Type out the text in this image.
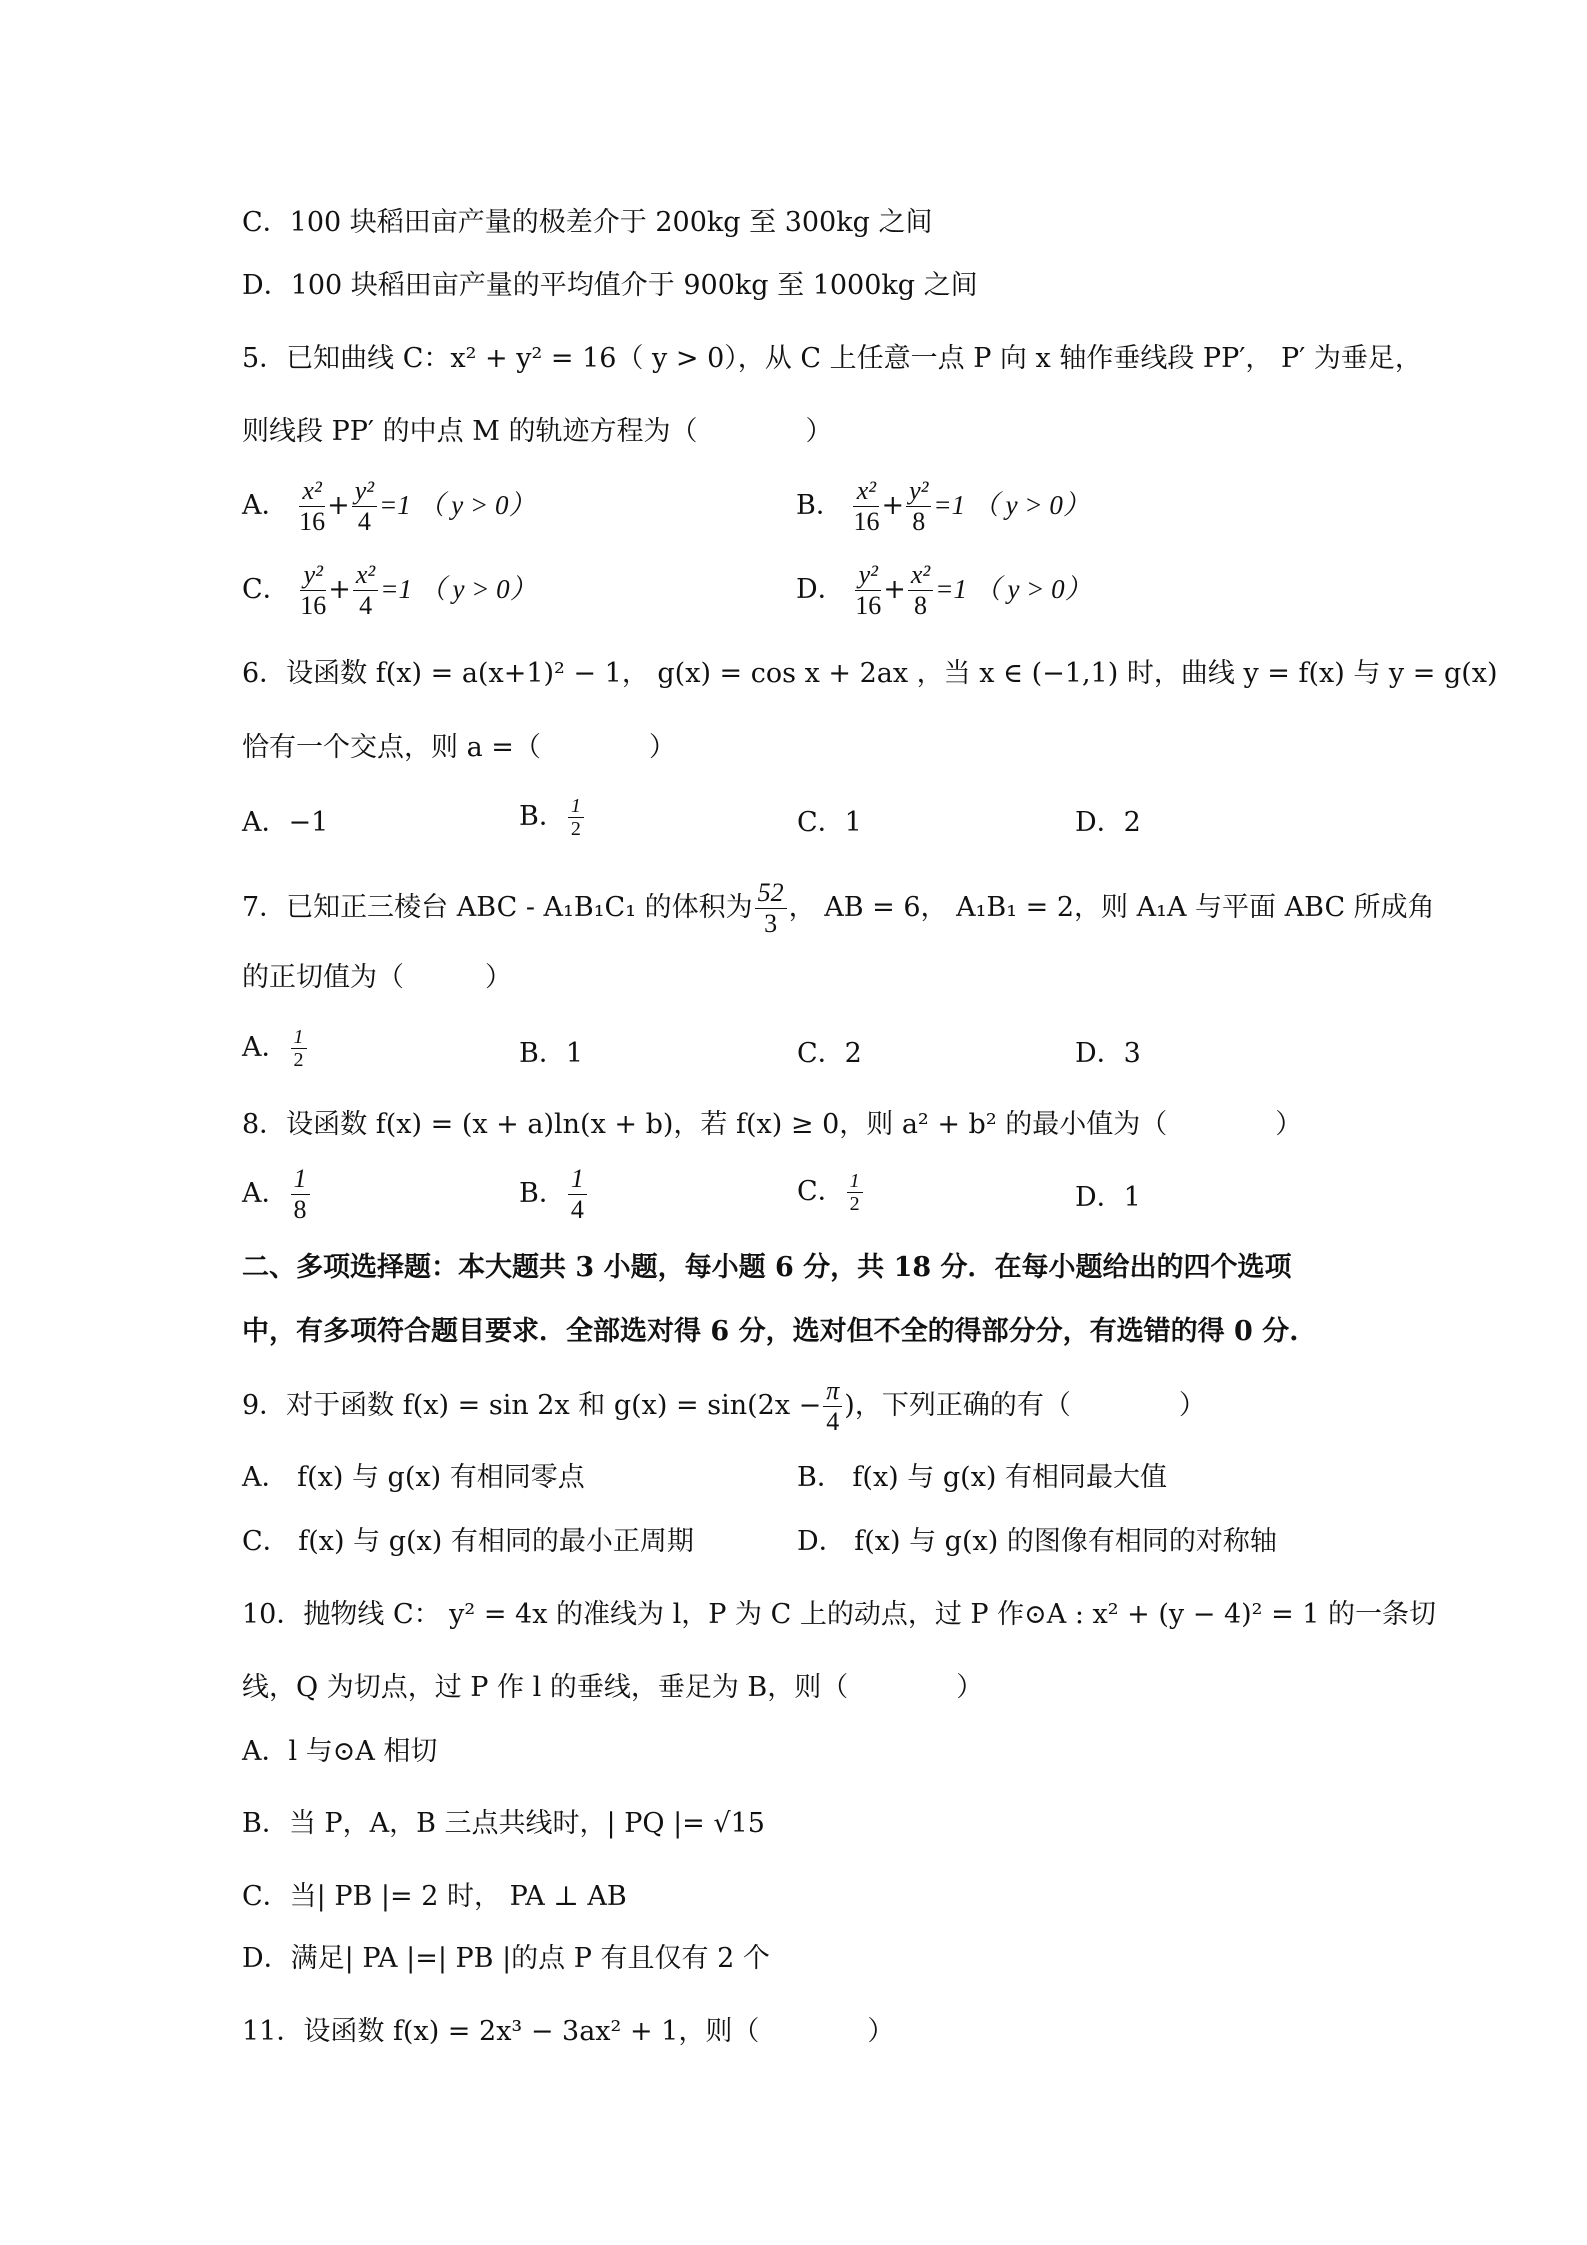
C．100 块稻田亩产量的极差介于 200kg 至 300kg 之间
D．100 块稻田亩产量的平均值介于 900kg 至 1000kg 之间
5．已知曲线 C：x² + y² = 16（ y > 0），从 C 上任意一点 P 向 x 轴作垂线段 PP′， P′ 为垂足，
则线段 PP′ 的中点 M 的轨迹方程为（　　　　）
A． $\frac{\text{x²}}{16} + \frac{\text{y²}}{4} =1$ （ y > 0）	B． $\frac{\text{x²}}{16} + \frac{\text{y²}}{8} =1$ （ y > 0）
C． $\frac{\text{y²}}{16} + \frac{\text{x²}}{4} =1$ （ y > 0）	D． $\frac{\text{y²}}{16} + \frac{\text{x²}}{8} =1$ （ y > 0）
6．设函数 f(x) = a(x+1)² − 1， g(x) = cos x + 2ax ，当 x ∈ (−1,1) 时，曲线 y = f(x) 与 y = g(x)
恰有一个交点，则 a =（　　　　）
A．−1	B． $\frac{1}{2}$	C．1	D．2
7．已知正三棱台 ABC - A₁B₁C₁ 的体积为 $\frac{52}{3}$ ， AB = 6， A₁B₁ = 2，则 A₁A 与平面 ABC 所成角
的正切值为（　　　）
A． $\frac{1}{2}$	B．1	C．2	D．3
8．设函数 f(x) = (x + a)ln(x + b)，若 f(x) ≥ 0，则 a² + b² 的最小值为（　　　　）
A． $\frac{1}{8}$	B． $\frac{1}{4}$	C． $\frac{1}{2}$	D．1
二、多项选择题：本大题共 3 小题，每小题 6 分，共 18 分．在每小题给出的四个选项
中，有多项符合题目要求．全部选对得 6 分，选对但不全的得部分分，有选错的得 0 分.
9．对于函数 f(x) = sin 2x 和 $g(x) = \sin(2x - \frac{\pi}{4}$ )，下列正确的有（　　　　）
A． f(x) 与 g(x) 有相同零点	B． f(x) 与 g(x) 有相同最大值
C． f(x) 与 g(x) 有相同的最小正周期	D． f(x) 与 g(x) 的图像有相同的对称轴
10．抛物线 C： y² = 4x 的准线为 l，P 为 C 上的动点，过 P 作⊙A : x² + (y − 4)² = 1 的一条切
线，Q 为切点，过 P 作 l 的垂线，垂足为 B，则（　　　　）
A．l 与⊙A 相切
B．当 P，A，B 三点共线时，| PQ |= √15
C．当| PB |= 2 时， PA ⊥ AB
D．满足| PA |=| PB |的点 P 有且仅有 2 个
11．设函数 f(x) = 2x³ − 3ax² + 1，则（　　　　）
